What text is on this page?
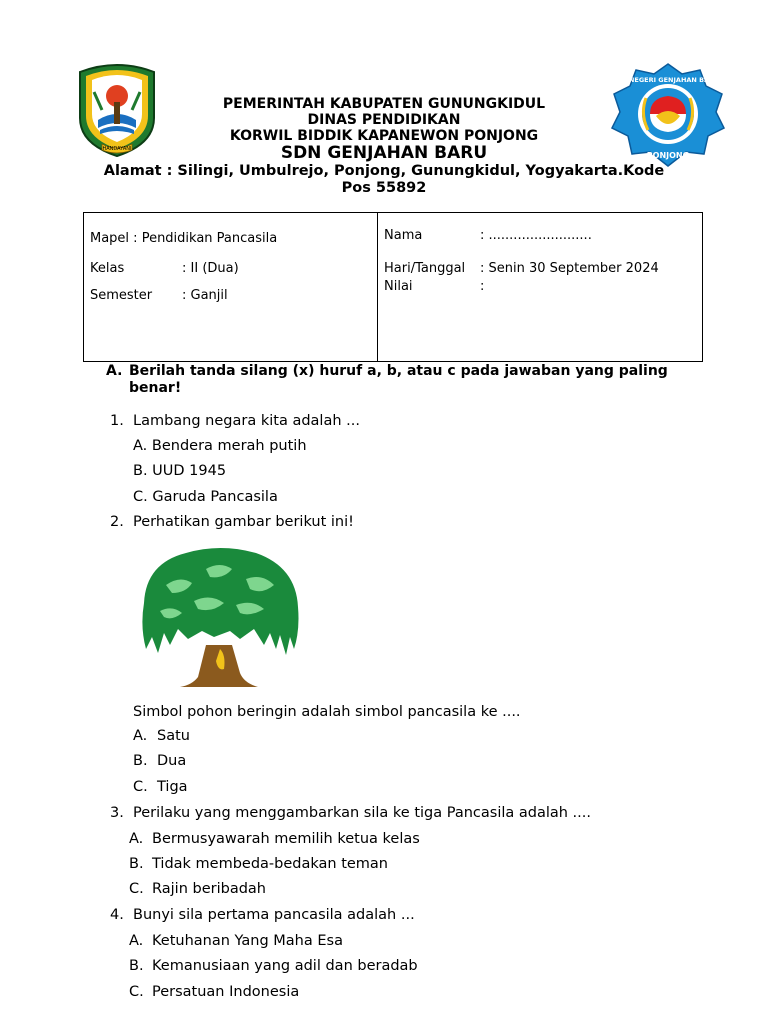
HANDAYANI
SD NEGERI GENJAHAN BARU
PONJONG
PEMERINTAH KABUPATEN GUNUNGKIDUL
DINAS PENDIDIKAN
KORWIL BIDDIK KAPANEWON PONJONG
SDN GENJAHAN BARU
Alamat : Silingi, Umbulrejo, Ponjong, Gunungkidul, Yogyakarta.Kode
Pos 55892
Mapel : Pendidikan Pancasila
Kelas	: II (Dua)
Semester : Ganjil
Nama	: .........................
Hari/Tanggal : Senin 30 September 2024
Nilai	:
A. Berilah tanda silang (x) huruf a, b, atau c pada jawaban yang paling benar!
1. Lambang negara kita adalah ...
A. Bendera merah putih
B. UUD 1945
C. Garuda Pancasila
2. Perhatikan gambar berikut ini!
Simbol pohon beringin adalah simbol pancasila ke ....
A. Satu
B. Dua
C. Tiga
3. Perilaku yang menggambarkan sila ke tiga Pancasila adalah ....
A. Bermusyawarah memilih ketua kelas
B. Tidak membeda-bedakan teman
C. Rajin beribadah
4. Bunyi sila pertama pancasila adalah ...
A. Ketuhanan Yang Maha Esa
B. Kemanusiaan yang adil dan beradab
C. Persatuan Indonesia
